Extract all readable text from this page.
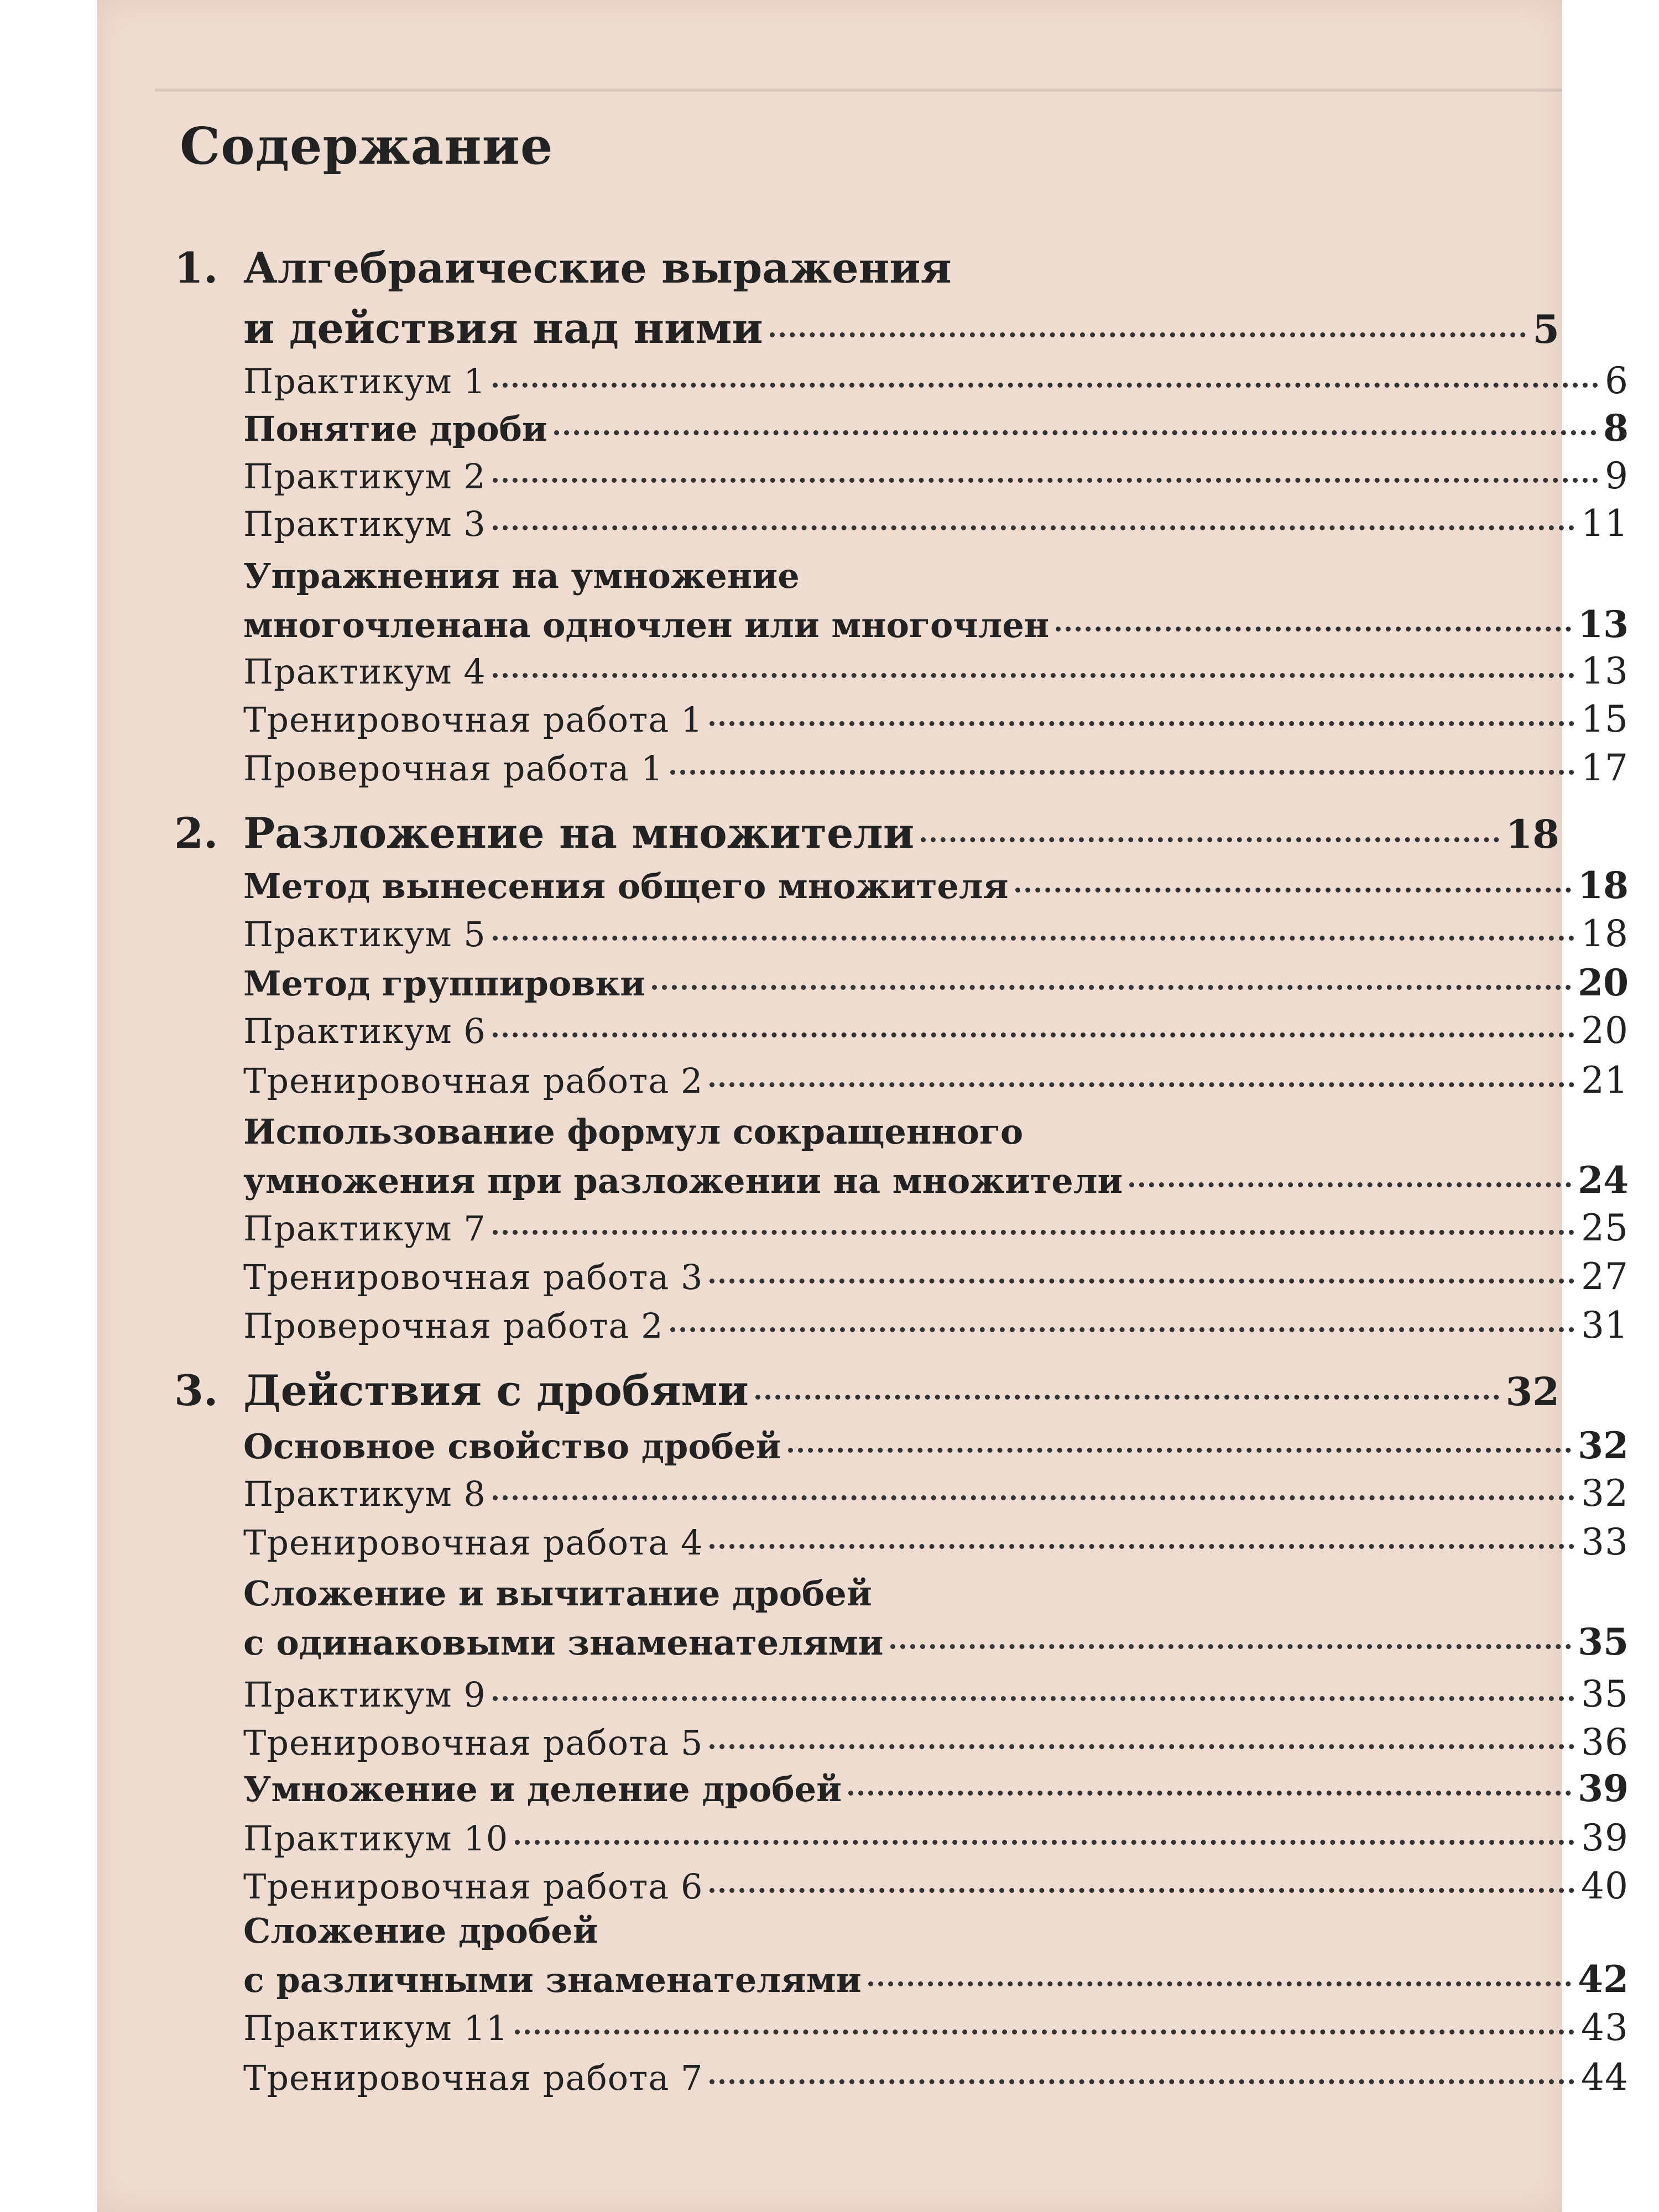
Содержание
1. Алгебраические выражения
и действия над ними	5
Практикум 1	6
Понятие дроби	8
Практикум 2	9
Практикум 3	11
Упражнения на умножение
многочленана одночлен или многочлен	13
Практикум 4	13
Тренировочная работа 1	15
Проверочная работа 1	17
2. Разложение на множители	18
Метод вынесения общего множителя	18
Практикум 5	18
Метод группировки	20
Практикум 6	20
Тренировочная работа 2	21
Использование формул сокращенного
умножения при разложении на множители	24
Практикум 7	25
Тренировочная работа 3	27
Проверочная работа 2	31
3. Действия с дробями	32
Основное свойство дробей	32
Практикум 8	32
Тренировочная работа 4	33
Сложение и вычитание дробей
с одинаковыми знаменателями	35
Практикум 9	35
Тренировочная работа 5	36
Умножение и деление дробей	39
Практикум 10	39
Тренировочная работа 6	40
Сложение дробей
с различными знаменателями	42
Практикум 11	43
Тренировочная работа 7	44
